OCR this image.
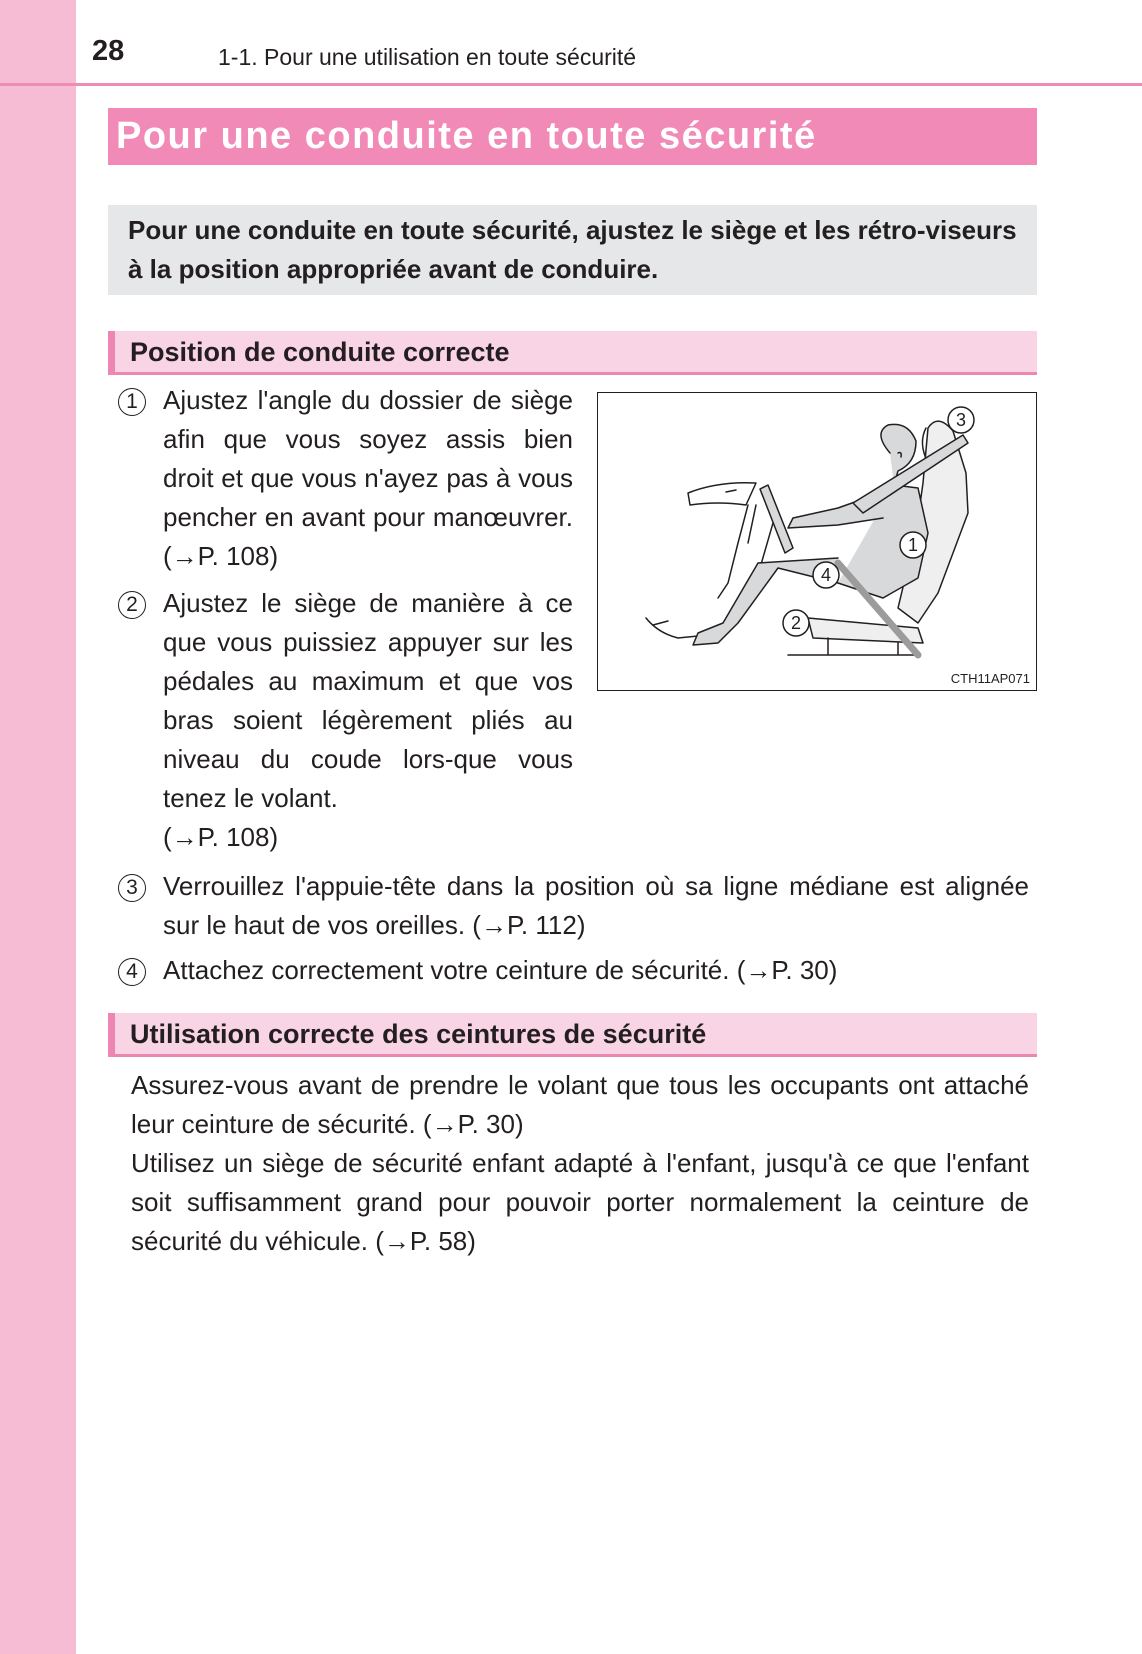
28	1-1. Pour une utilisation en toute sécurité
Pour une conduite en toute sécurité
Pour une conduite en toute sécurité, ajustez le siège et les rétro-viseurs à la position appropriée avant de conduire.
Position de conduite correcte
1 Ajustez l'angle du dossier de siège afin que vous soyez assis bien droit et que vous n'ayez pas à vous pencher en avant pour manœuvrer. (→P. 108)
2 Ajustez le siège de manière à ce que vous puissiez appuyer sur les pédales au maximum et que vos bras soient légèrement pliés au niveau du coude lors-que vous tenez le volant.
(→P. 108)
3 Verrouillez l'appuie-tête dans la position où sa ligne médiane est alignée sur le haut de vos oreilles. (→P. 112)
4 Attachez correctement votre ceinture de sécurité. (→P. 30)
1
2
3
4
CTH11AP071
Utilisation correcte des ceintures de sécurité
Assurez-vous avant de prendre le volant que tous les occupants ont attaché leur ceinture de sécurité. (→P. 30)
Utilisez un siège de sécurité enfant adapté à l'enfant, jusqu'à ce que l'enfant soit suffisamment grand pour pouvoir porter normalement la ceinture de sécurité du véhicule. (→P. 58)
